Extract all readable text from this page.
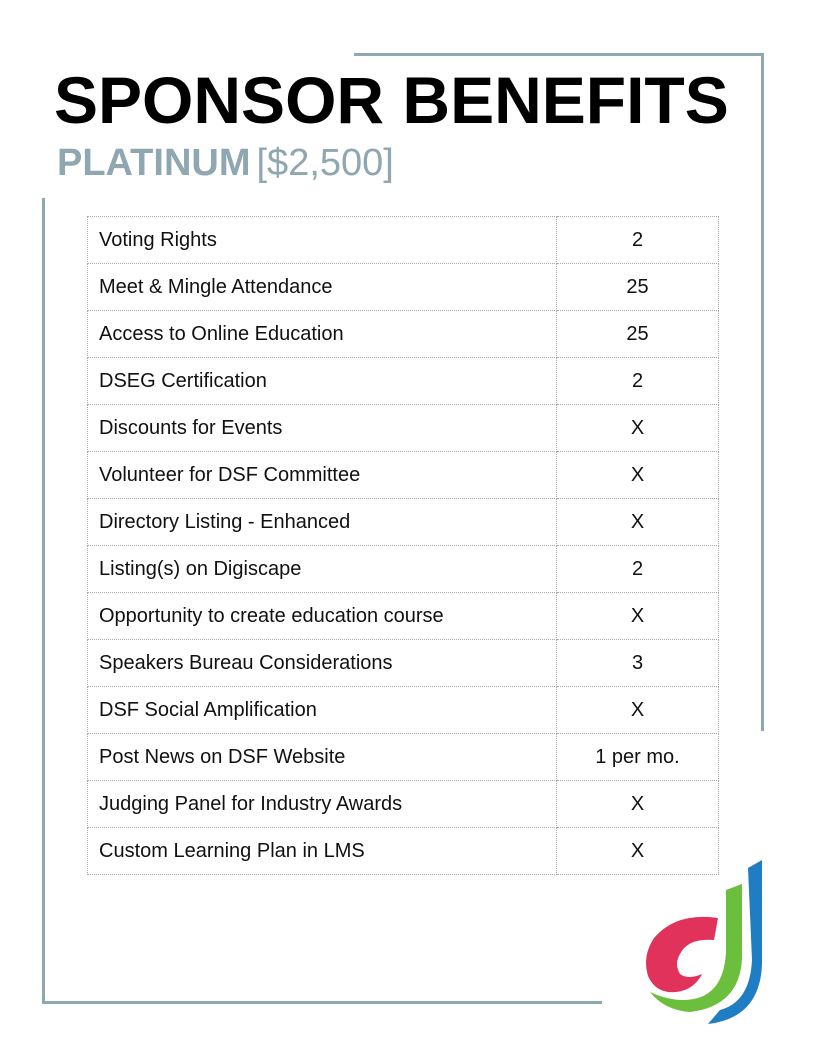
SPONSOR BENEFITS
PLATINUM [$2,500]
Voting Rights	2
Meet & Mingle Attendance	25
Access to Online Education	25
DSEG Certification	2
Discounts for Events	X
Volunteer for DSF Committee	X
Directory Listing - Enhanced	X
Listing(s) on Digiscape	2
Opportunity to create education course	X
Speakers Bureau Considerations	3
DSF Social Amplification	X
Post News on DSF Website	1 per mo.
Judging Panel for Industry Awards	X
Custom Learning Plan in LMS	X
